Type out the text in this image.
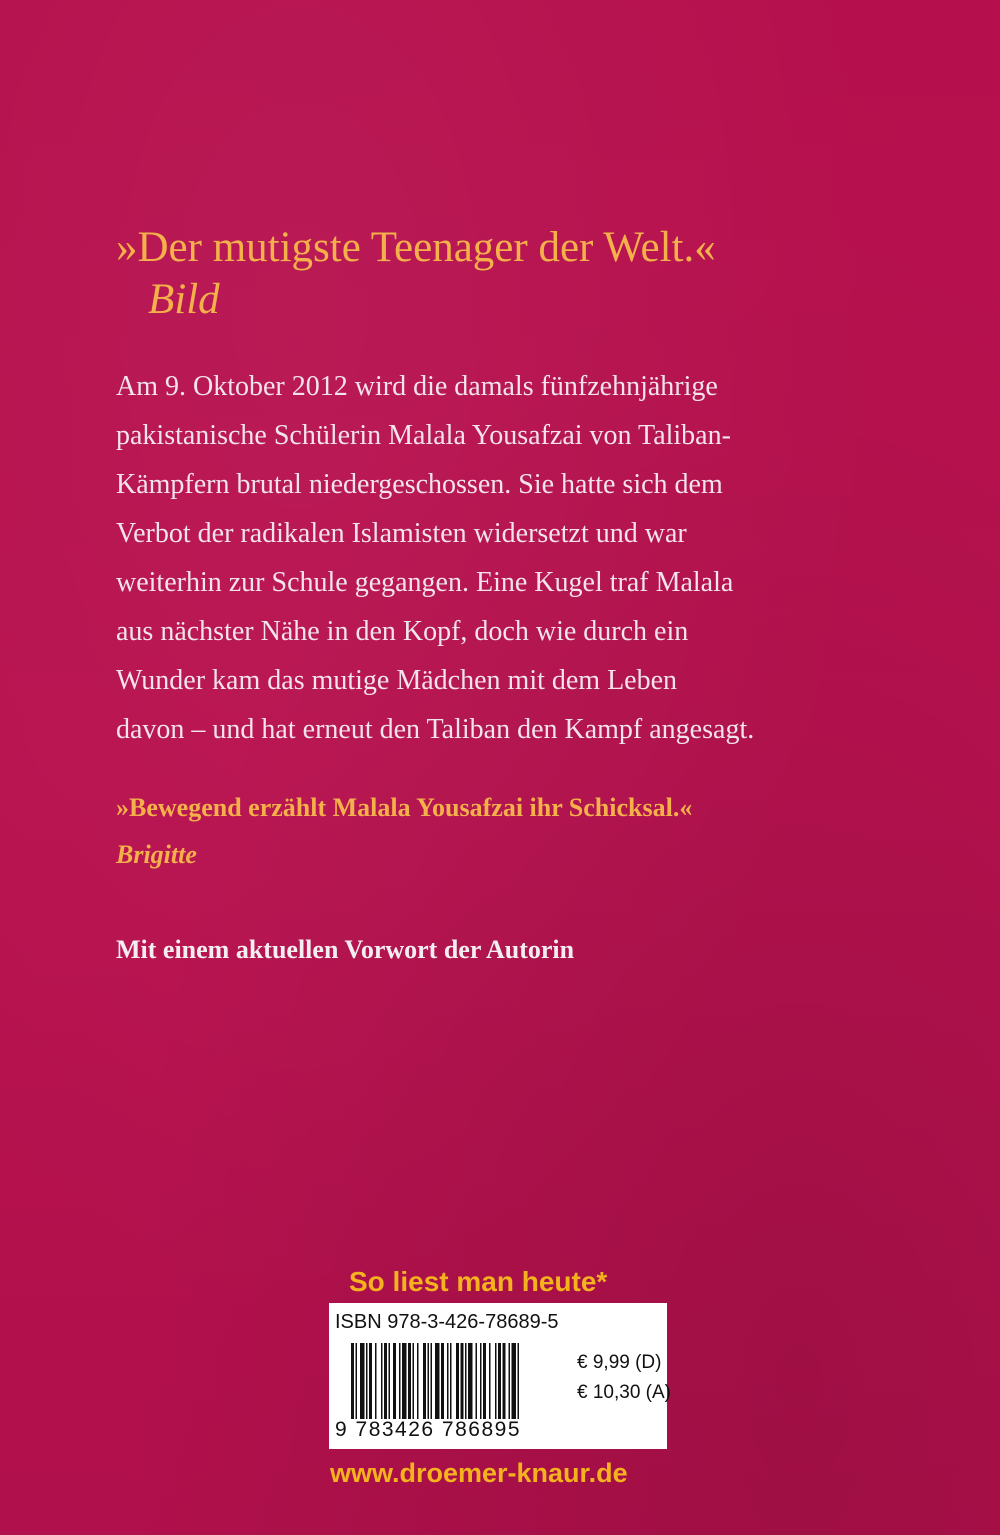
»Der mutigste Teenager der Welt.«
Bild

Am 9. Oktober 2012 wird die damals fünfzehnjährige
pakistanische Schülerin Malala Yousafzai von Taliban-
Kämpfern brutal niedergeschossen. Sie hatte sich dem
Verbot der radikalen Islamisten widersetzt und war
weiterhin zur Schule gegangen. Eine Kugel traf Malala
aus nächster Nähe in den Kopf, doch wie durch ein
Wunder kam das mutige Mädchen mit dem Leben
davon – und hat erneut den Taliban den Kampf angesagt.

»Bewegend erzählt Malala Yousafzai ihr Schicksal.«
Brigitte
Mit einem aktuellen Vorwort der Autorin
So liest man heute*
ISBN 978-3-426-78689-5
9 783426 786895
€ 9,99 (D)
€ 10,30 (A)
www.droemer-knaur.de
